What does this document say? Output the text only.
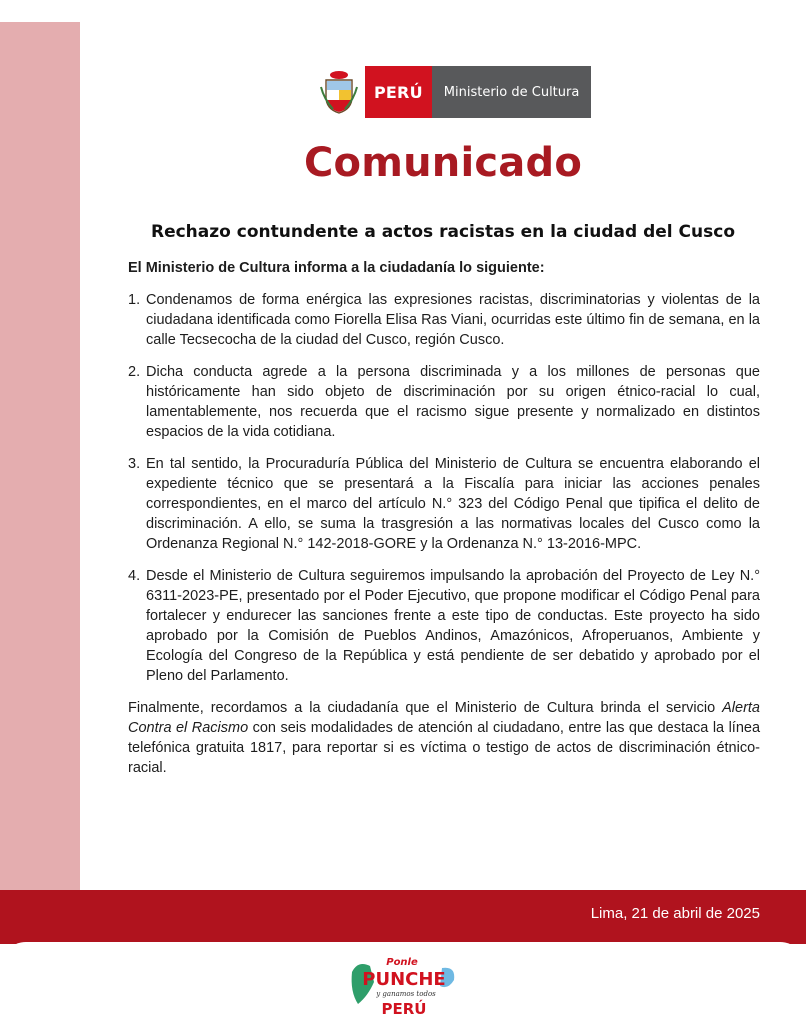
PERÚ	Ministerio de Cultura
Comunicado
Rechazo contundente a actos racistas en la ciudad del Cusco

El Ministerio de Cultura informa a la ciudadanía lo siguiente:

1. Condenamos de forma enérgica las expresiones racistas, discriminatorias y violentas de la ciudadana identificada como Fiorella Elisa Ras Viani, ocurridas este último fin de semana, en la calle Tecsecocha de la ciudad del Cusco, región Cusco.
2. Dicha conducta agrede a la persona discriminada y a los millones de personas que históricamente han sido objeto de discriminación por su origen étnico-racial lo cual, lamentablemente, nos recuerda que el racismo sigue presente y normalizado en distintos espacios de la vida cotidiana.
3. En tal sentido, la Procuraduría Pública del Ministerio de Cultura se encuentra elaborando el expediente técnico que se presentará a la Fiscalía para iniciar las acciones penales correspondientes, en el marco del artículo N.° 323 del Código Penal que tipifica el delito de discriminación. A ello, se suma la trasgresión a las normativas locales del Cusco como la Ordenanza Regional N.° 142-2018-GORE y la Ordenanza N.° 13-2016-MPC.
4. Desde el Ministerio de Cultura seguiremos impulsando la aprobación del Proyecto de Ley N.° 6311-2023-PE, presentado por el Poder Ejecutivo, que propone modificar el Código Penal para fortalecer y endurecer las sanciones frente a este tipo de conductas. Este proyecto ha sido aprobado por la Comisión de Pueblos Andinos, Amazónicos, Afroperuanos, Ambiente y Ecología del Congreso de la República y está pendiente de ser debatido y aprobado por el Pleno del Parlamento.

Finalmente, recordamos a la ciudadanía que el Ministerio de Cultura brinda el servicio Alerta Contra el Racismo con seis modalidades de atención al ciudadano, entre las que destaca la línea telefónica gratuita 1817, para reportar si es víctima o testigo de actos de discriminación étnico-racial.

Lima, 21 de abril de 2025
Ponle
PUNCHE
y ganamos todos
PERÚ
